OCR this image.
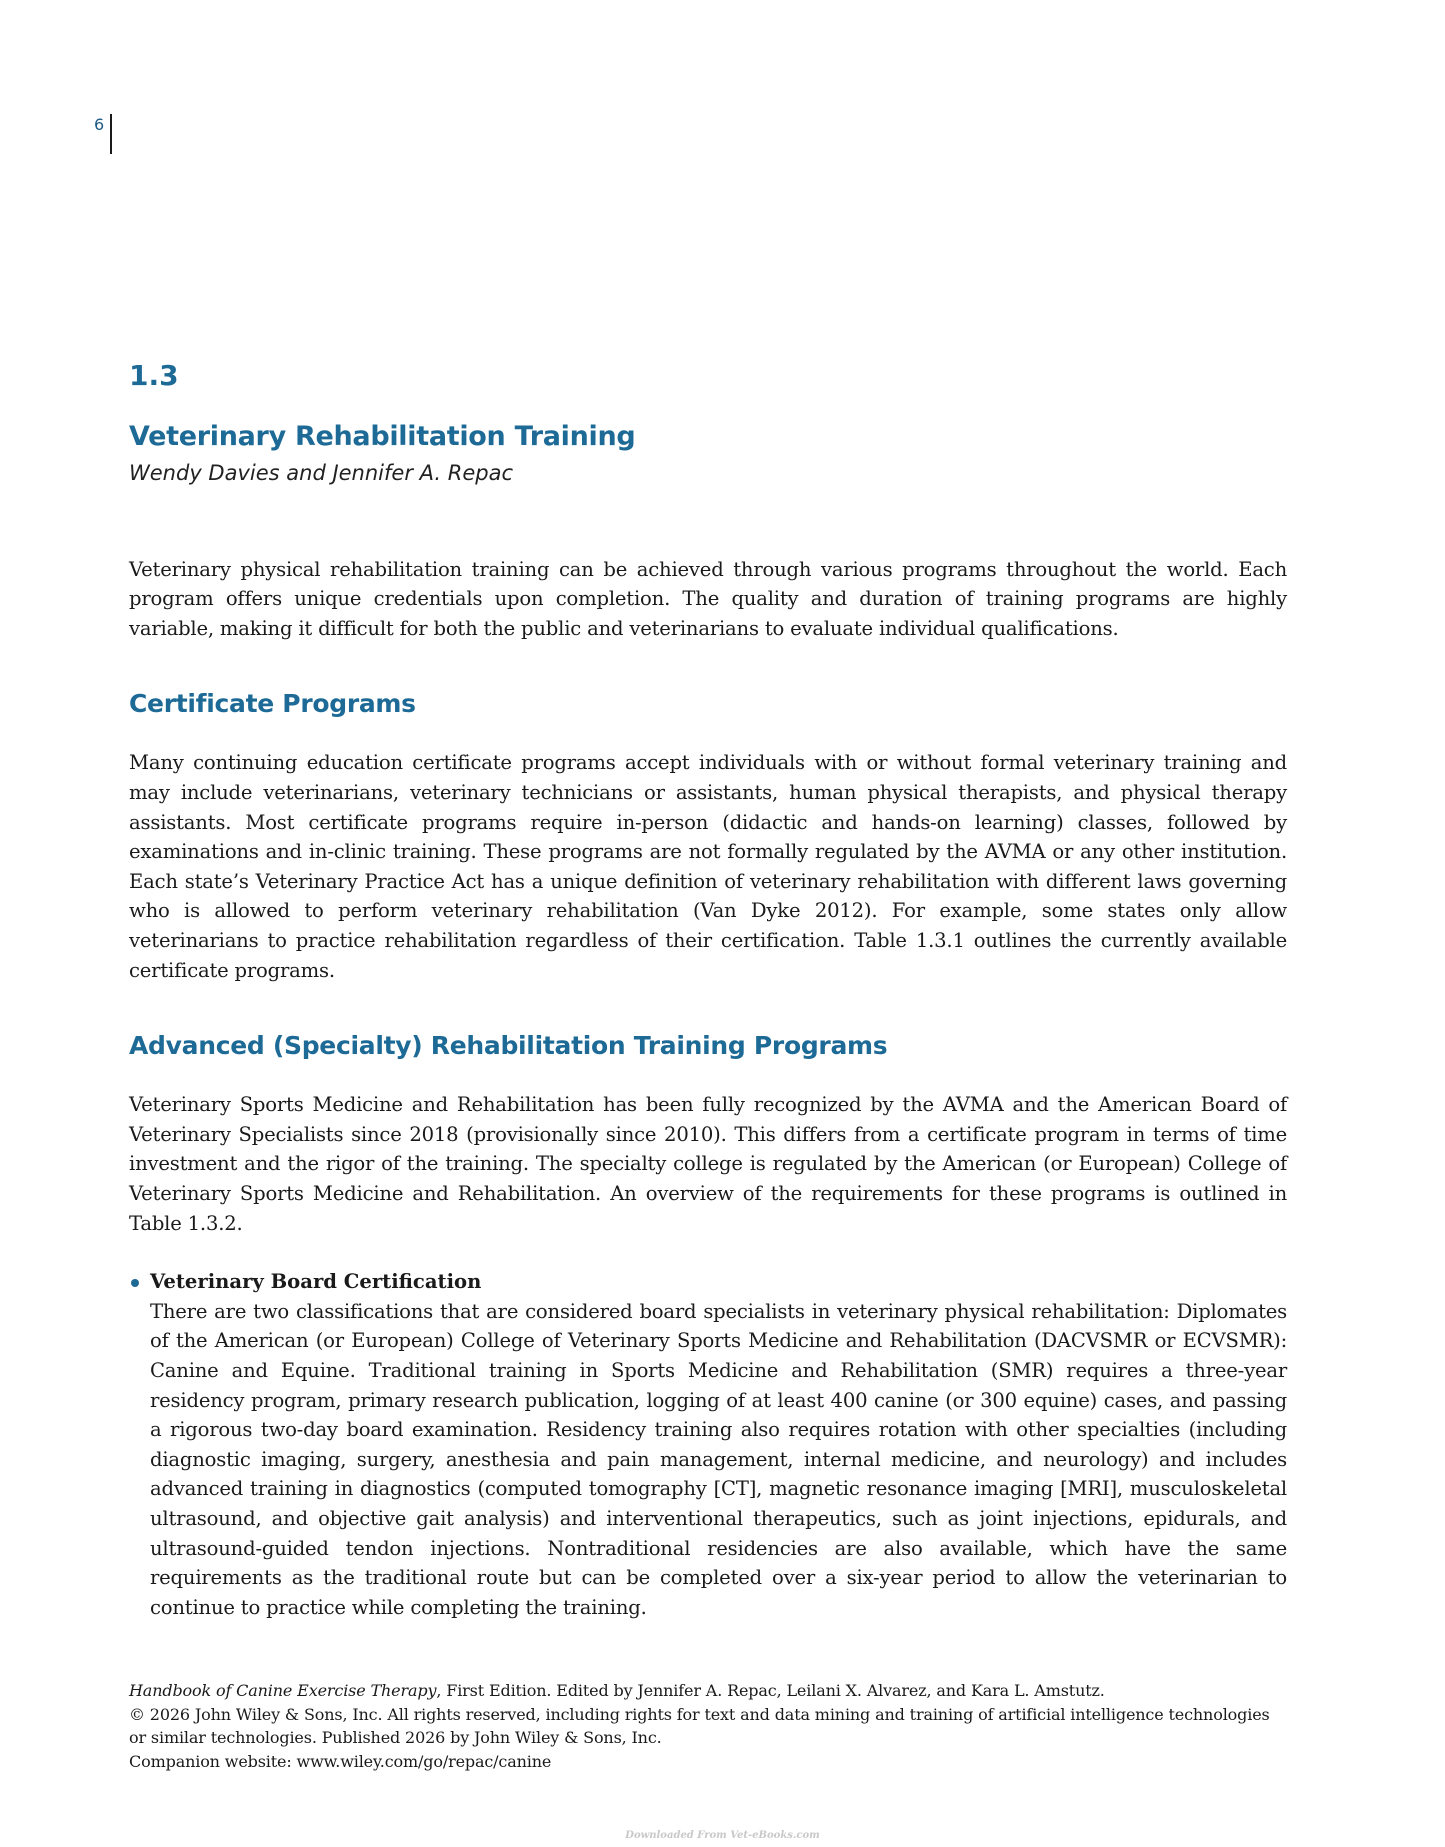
6
1.3
Veterinary Rehabilitation Training

Wendy Davies and Jennifer A. Repac

Veterinary physical rehabilitation training can be achieved through various programs throughout the world. Each program offers unique credentials upon completion. The quality and duration of training programs are highly variable, making it difficult for both the public and veterinarians to evaluate individual qualifications.

Certificate Programs

Many continuing education certificate programs accept individuals with or without formal veterinary training and may include veterinarians, veterinary technicians or assistants, human physical therapists, and physical therapy assistants. Most certificate programs require in-person (didactic and hands-on learning) classes, followed by examinations and in-clinic training. These programs are not formally regulated by the AVMA or any other institution. Each state’s Veterinary Practice Act has a unique definition of veterinary rehabilitation with different laws governing who is allowed to perform veterinary rehabilitation (Van Dyke 2012). For example, some states only allow veterinarians to practice rehabilitation regardless of their certification. Table 1.3.1 outlines the currently available certificate programs.

Advanced (Specialty) Rehabilitation Training Programs

Veterinary Sports Medicine and Rehabilitation has been fully recognized by the AVMA and the American Board of Veterinary Specialists since 2018 (provisionally since 2010). This differs from a certificate program in terms of time investment and the rigor of the training. The specialty college is regulated by the American (or European) College of Veterinary Sports Medicine and Rehabilitation. An overview of the requirements for these programs is outlined in Table 1.3.2.

Veterinary Board Certification

There are two classifications that are considered board specialists in veterinary physical rehabilitation: Diplomates of the American (or European) College of Veterinary Sports Medicine and Rehabilitation (DACVSMR or ECVSMR): Canine and Equine. Traditional training in Sports Medicine and Rehabilitation (SMR) requires a three-year residency program, primary research publication, logging of at least 400 canine (or 300 equine) cases, and passing a rigorous two-day board examination. Residency training also requires rotation with other specialties (including diagnostic imaging, surgery, anesthesia and pain management, internal medicine, and neurology) and includes advanced training in diagnostics (computed tomography [CT], magnetic resonance imaging [MRI], musculoskeletal ultrasound, and objective gait analysis) and interventional therapeutics, such as joint injections, epidurals, and ultrasound-guided tendon injections. Nontraditional residencies are also available, which have the same requirements as the traditional route but can be completed over a six-year period to allow the veterinarian to continue to practice while completing the training.

Handbook of Canine Exercise Therapy, First Edition. Edited by Jennifer A. Repac, Leilani X. Alvarez, and Kara L. Amstutz.

© 2026 John Wiley & Sons, Inc. All rights reserved, including rights for text and data mining and training of artificial intelligence technologies or similar technologies. Published 2026 by John Wiley & Sons, Inc.

Companion website: www.wiley.com/go/repac/canine

Downloaded From Vet-eBooks.com
